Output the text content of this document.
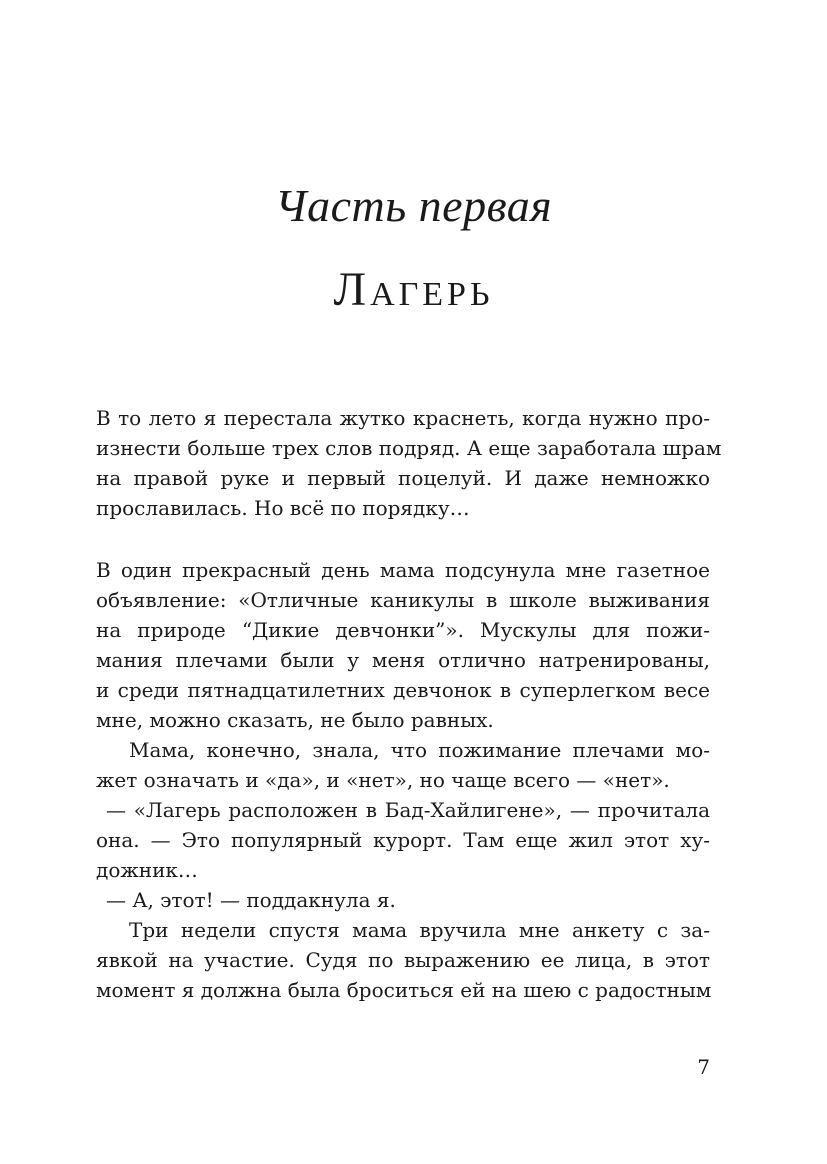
Часть первая
Лагерь
В то лето я перестала жутко краснеть, когда нужно про-
изнести больше трех слов подряд. А еще заработала шрам
на правой руке и первый поцелуй. И даже немножко
прославилась. Но всё по порядку…
В один прекрасный день мама подсунула мне газетное
объявление: «Отличные каникулы в школе выживания
на природе “Дикие девчонки”». Мускулы для пожи-
мания плечами были у меня отлично натренированы,
и среди пятнадцатилетних девчонок в суперлегком весе
мне, можно сказать, не было равных.
Мама, конечно, знала, что пожимание плечами мо-
жет означать и «да», и «нет», но чаще всего — «нет».
— «Лагерь расположен в Бад-Хайлигене», — прочитала
она. — Это популярный курорт. Там еще жил этот ху-
дожник…
— А, этот! — поддакнула я.
Три недели спустя мама вручила мне анкету с за-
явкой на участие. Судя по выражению ее лица, в этот
момент я должна была броситься ей на шею с радостным
7
